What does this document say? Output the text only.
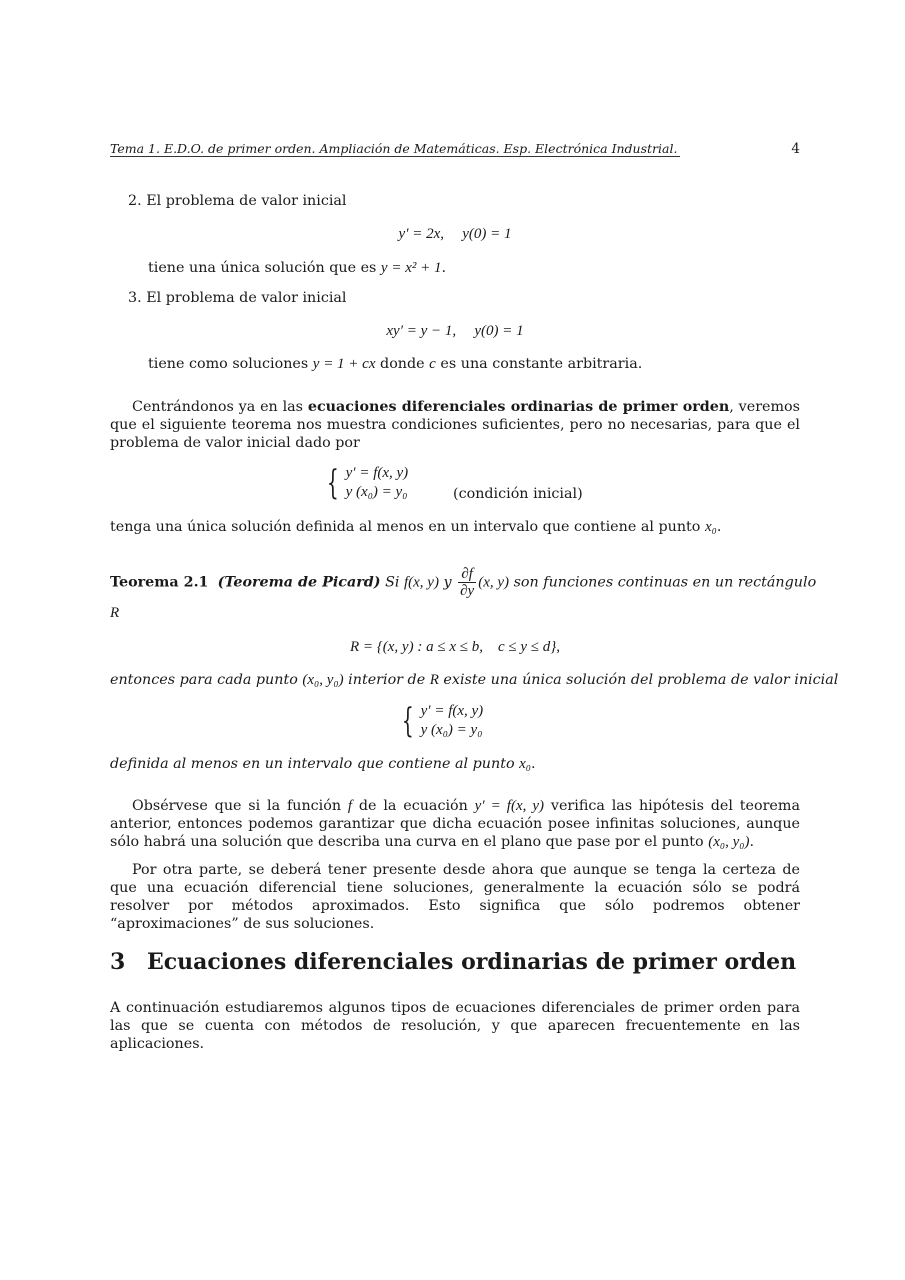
Tema 1. E.D.O. de primer orden. Ampliación de Matemáticas. Esp. Electrónica Industrial.	4
2. El problema de valor inicial
y′ = 2x, y(0) = 1
tiene una única solución que es y = x² + 1.
3. El problema de valor inicial
xy′ = y − 1, y(0) = 1
tiene como soluciones y = 1 + cx donde c es una constante arbitraria.
Centrándonos ya en las ecuaciones diferenciales ordinarias de primer orden, veremos que el siguiente teorema nos muestra condiciones suficientes, pero no necesarias, para que el problema de valor inicial dado por
{ y′ = f(x, y)
y (x₀) = y₀	(condición inicial)
tenga una única solución definida al menos en un intervalo que contiene al punto x₀.
Teorema 2.1 (Teorema de Picard) Si f(x, y) y $\frac{\partial f}{\partial y} (x$, y) son funciones continuas en un rectángulo
R
R = {(x, y) : a ≤ x ≤ b,    c ≤ y ≤ d},
entonces para cada punto (x₀, y₀) interior de R existe una única solución del problema de valor inicial
{ y′ = f(x, y)
y (x₀) = y₀
definida al menos en un intervalo que contiene al punto x₀.
Obsérvese que si la función f de la ecuación y′ = f(x, y) verifica las hipótesis del teorema anterior, entonces podemos garantizar que dicha ecuación posee infinitas soluciones, aunque sólo habrá una solución que describa una curva en el plano que pase por el punto (x₀, y₀).
Por otra parte, se deberá tener presente desde ahora que aunque se tenga la certeza de que una ecuación diferencial tiene soluciones, generalmente la ecuación sólo se podrá resolver por métodos aproximados. Esto significa que sólo podremos obtener “aproximaciones” de sus soluciones.
3 Ecuaciones diferenciales ordinarias de primer orden
A continuación estudiaremos algunos tipos de ecuaciones diferenciales de primer orden para las que se cuenta con métodos de resolución, y que aparecen frecuentemente en las aplicaciones.
